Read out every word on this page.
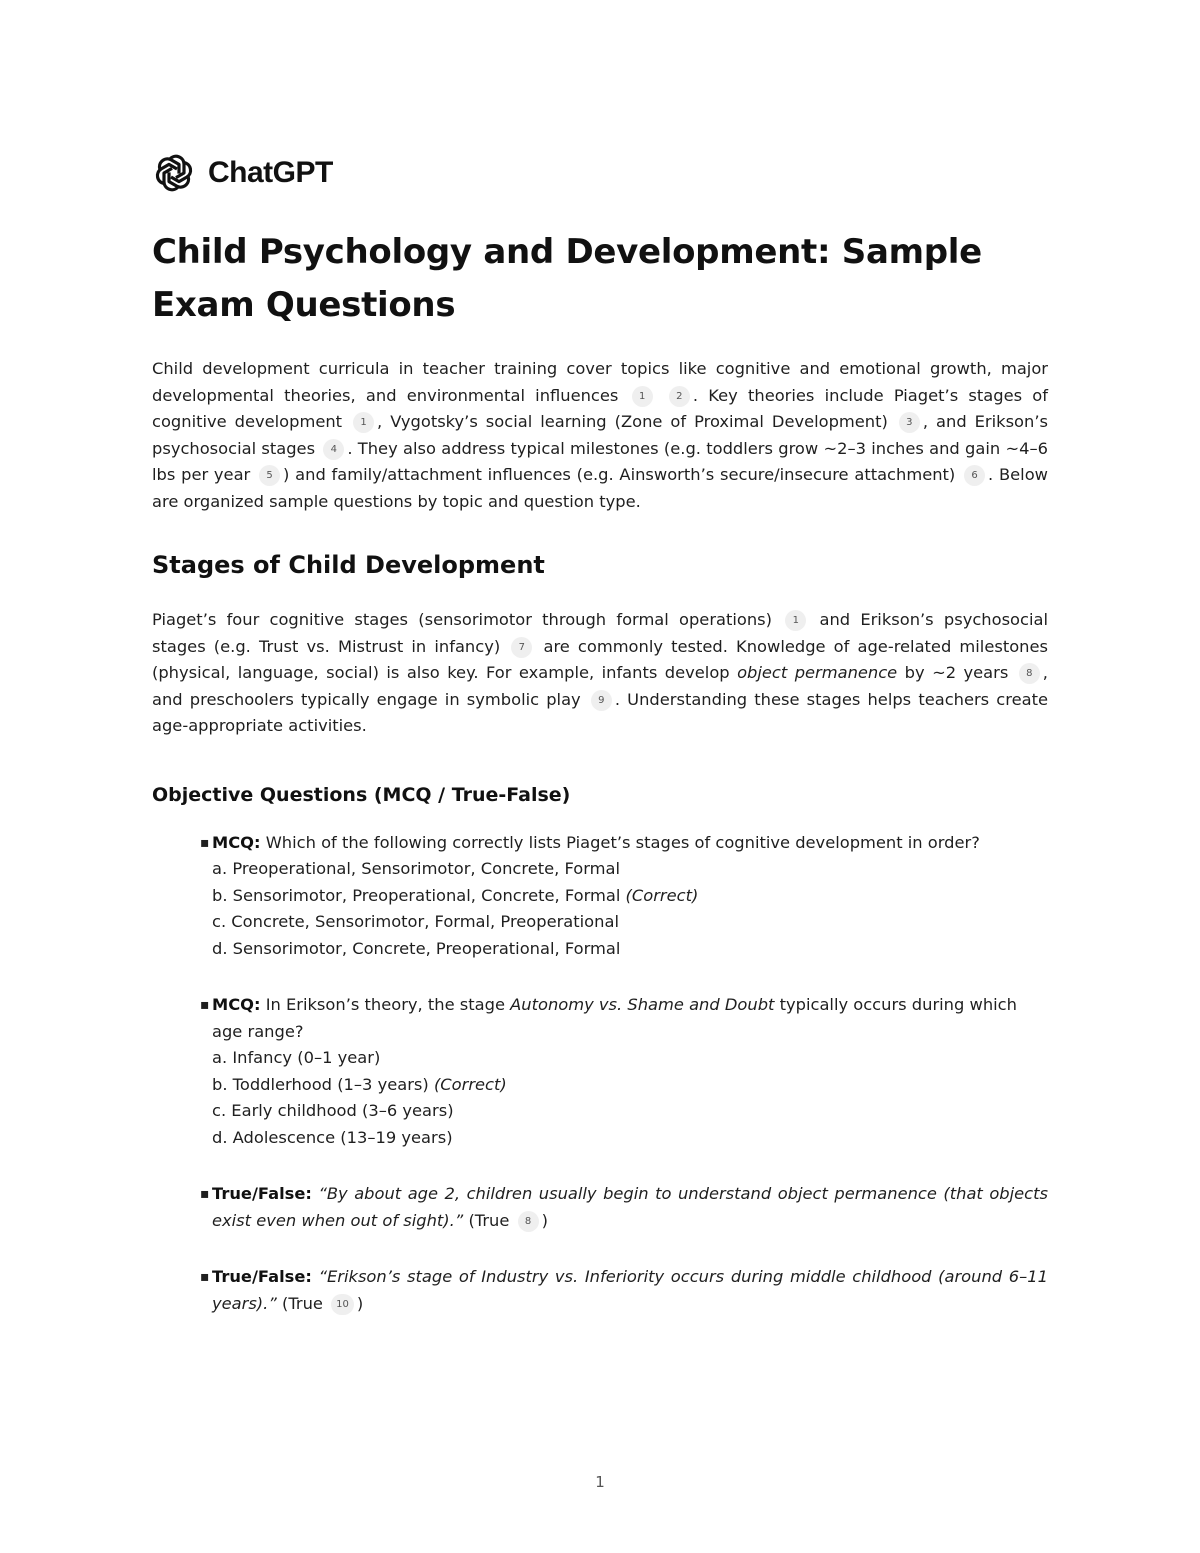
ChatGPT
Child Psychology and Development: Sample Exam Questions

Child development curricula in teacher training cover topics like cognitive and emotional growth, major developmental theories, and environmental influences 1	2 . Key theories include Piaget’s stages of cognitive development 1 , Vygotsky’s social learning (Zone of Proximal Development) 3 , and Erikson’s psychosocial stages 4 . They also address typical milestones (e.g. toddlers grow ~2–3 inches and gain ~4–6 lbs per year 5 ) and family/attachment influences (e.g. Ainsworth’s secure/insecure attachment) 6 . Below are organized sample questions by topic and question type.

Stages of Child Development

Piaget’s four cognitive stages (sensorimotor through formal operations) 1 and Erikson’s psychosocial stages (e.g. Trust vs. Mistrust in infancy) 7 are commonly tested. Knowledge of age-related milestones (physical, language, social) is also key. For example, infants develop object permanence by ~2 years 8 , and preschoolers typically engage in symbolic play 9 . Understanding these stages helps teachers create age-appropriate activities.

Objective Questions (MCQ / True-False)
▪ MCQ: Which of the following correctly lists Piaget’s stages of cognitive development in order?
a. Preoperational, Sensorimotor, Concrete, Formal
b. Sensorimotor, Preoperational, Concrete, Formal (Correct)
c. Concrete, Sensorimotor, Formal, Preoperational
d. Sensorimotor, Concrete, Preoperational, Formal
▪ MCQ: In Erikson’s theory, the stage Autonomy vs. Shame and Doubt typically occurs during which age range?
a. Infancy (0–1 year)
b. Toddlerhood (1–3 years) (Correct)
c. Early childhood (3–6 years)
d. Adolescence (13–19 years)
▪ True/False: “By about age 2, children usually begin to understand object permanence (that objects exist even when out of sight).” (True 8 )
▪ True/False: “Erikson’s stage of Industry vs. Inferiority occurs during middle childhood (around 6–11 years).” (True 10 )
1
